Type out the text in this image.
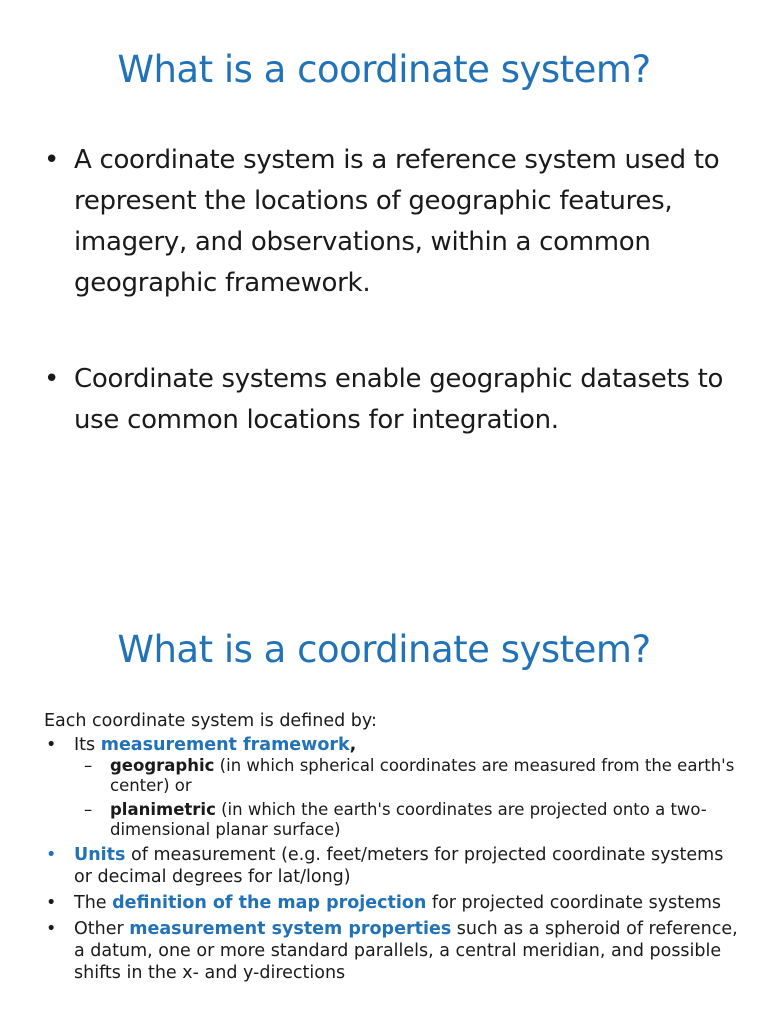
What is a coordinate system?
• A coordinate system is a reference system used to represent the locations of geographic features, imagery, and observations, within a common geographic framework.
• Coordinate systems enable geographic datasets to use common locations for integration.
What is a coordinate system?

Each coordinate system is defined by:

• Its measurement framework,
– geographic (in which spherical coordinates are measured from the earth's center) or
– planimetric (in which the earth's coordinates are projected onto a two-dimensional planar surface)
• Units of measurement (e.g. feet/meters for projected coordinate systems or decimal degrees for lat/long)
• The definition of the map projection for projected coordinate systems
• Other measurement system properties such as a spheroid of reference, a datum, one or more standard parallels, a central meridian, and possible shifts in the x- and y-directions
